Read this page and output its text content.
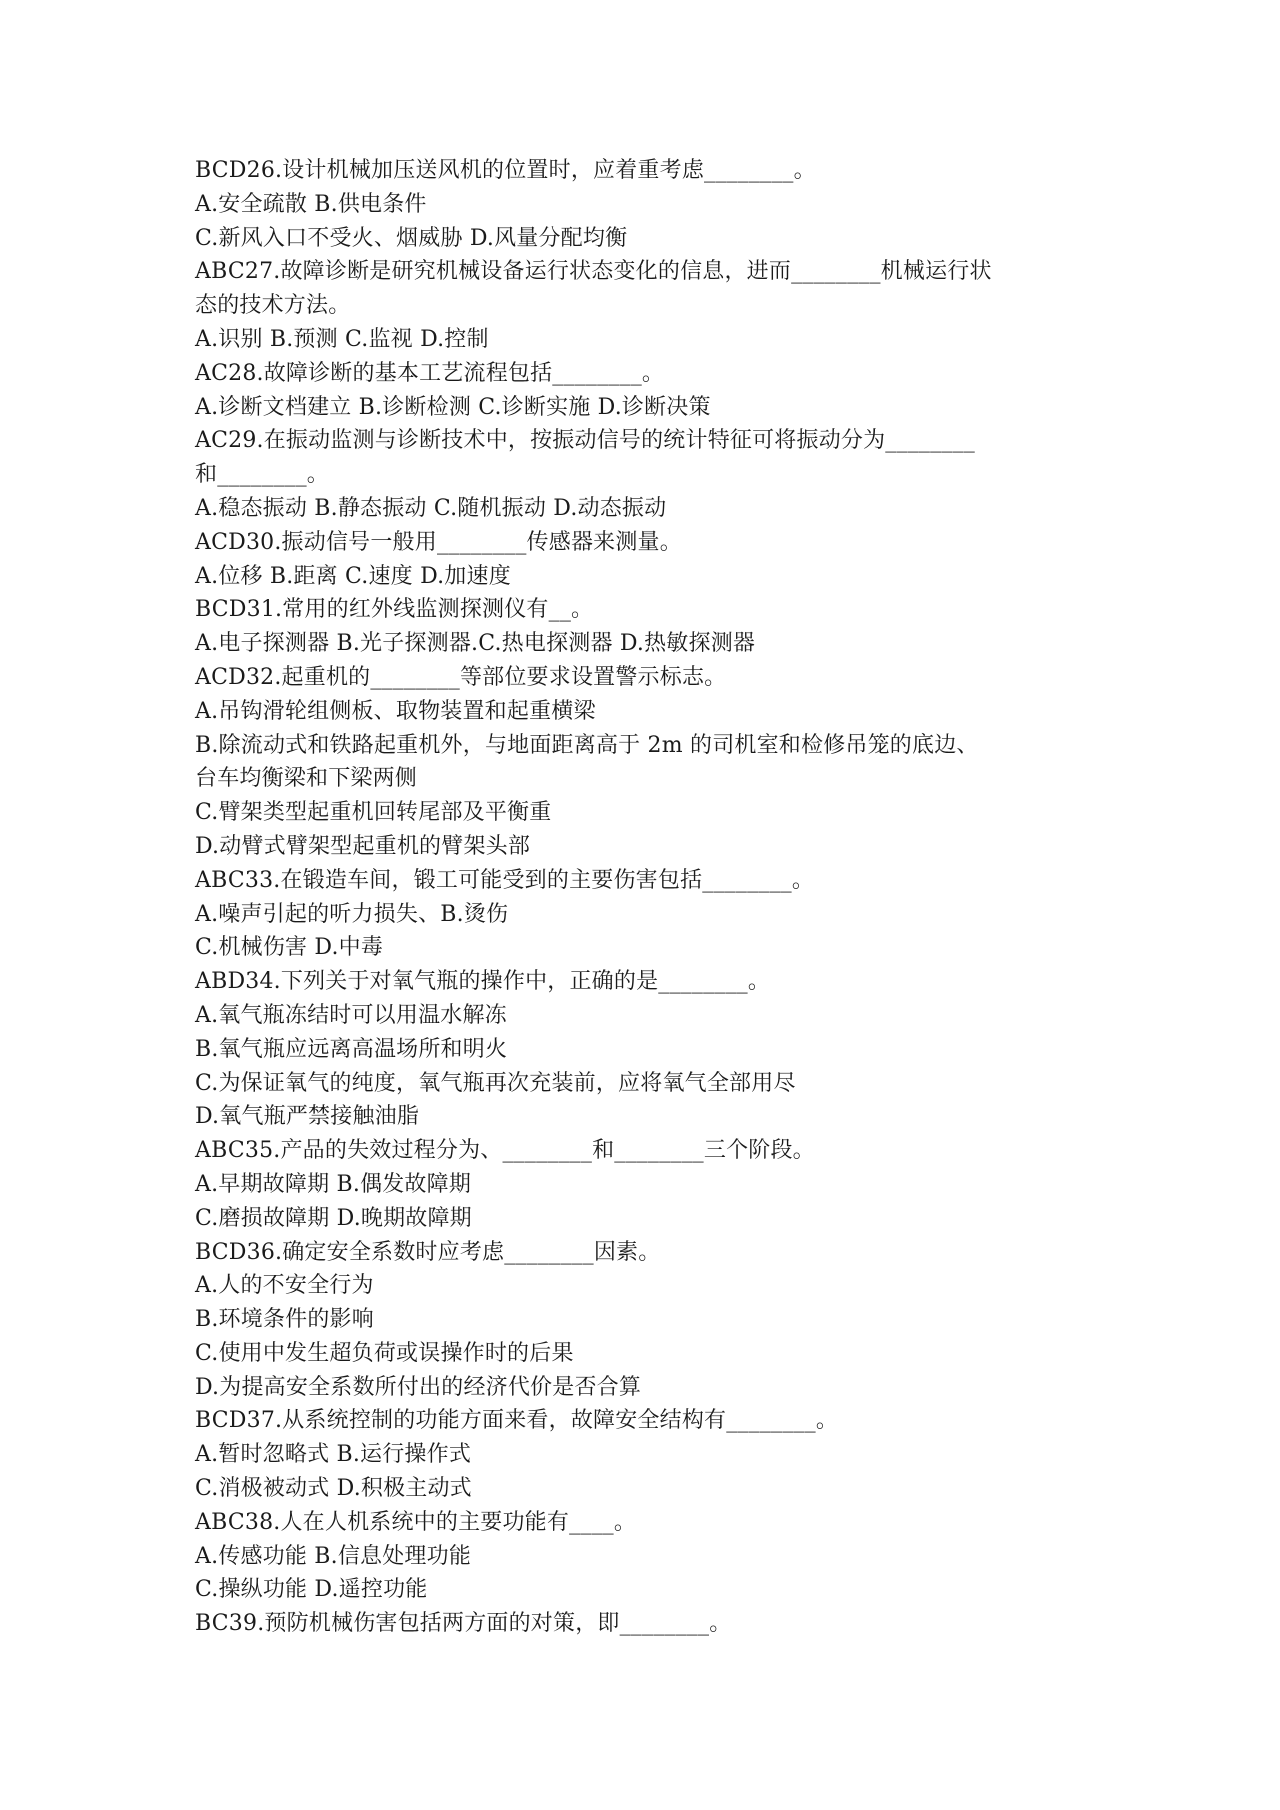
BCD26.设计机械加压送风机的位置时，应着重考虑________。
A.安全疏散 B.供电条件
C.新风入口不受火、烟威胁 D.风量分配均衡
ABC27.故障诊断是研究机械设备运行状态变化的信息，进而________机械运行状
态的技术方法。
A.识别 B.预测 C.监视 D.控制
AC28.故障诊断的基本工艺流程包括________。
A.诊断文档建立 B.诊断检测 C.诊断实施 D.诊断决策
AC29.在振动监测与诊断技术中，按振动信号的统计特征可将振动分为________
和________。
A.稳态振动 B.静态振动 C.随机振动 D.动态振动
ACD30.振动信号一般用________传感器来测量。
A.位移 B.距离 C.速度 D.加速度
BCD31.常用的红外线监测探测仪有__。
A.电子探测器 B.光子探测器.C.热电探测器 D.热敏探测器
ACD32.起重机的________等部位要求设置警示标志。
A.吊钩滑轮组侧板、取物装置和起重横梁
B.除流动式和铁路起重机外，与地面距离高于 2m 的司机室和检修吊笼的底边、
台车均衡梁和下梁两侧
C.臂架类型起重机回转尾部及平衡重
D.动臂式臂架型起重机的臂架头部
ABC33.在锻造车间，锻工可能受到的主要伤害包括________。
A.噪声引起的听力损失、B.烫伤
C.机械伤害 D.中毒
ABD34.下列关于对氧气瓶的操作中，正确的是________。
A.氧气瓶冻结时可以用温水解冻
B.氧气瓶应远离高温场所和明火
C.为保证氧气的纯度，氧气瓶再次充装前，应将氧气全部用尽
D.氧气瓶严禁接触油脂
ABC35.产品的失效过程分为、________和________三个阶段。
A.早期故障期 B.偶发故障期
C.磨损故障期 D.晚期故障期
BCD36.确定安全系数时应考虑________因素。
A.人的不安全行为
B.环境条件的影响
C.使用中发生超负荷或误操作时的后果
D.为提高安全系数所付出的经济代价是否合算
BCD37.从系统控制的功能方面来看，故障安全结构有________。
A.暂时忽略式 B.运行操作式
C.消极被动式 D.积极主动式
ABC38.人在人机系统中的主要功能有____。
A.传感功能 B.信息处理功能
C.操纵功能 D.遥控功能
BC39.预防机械伤害包括两方面的对策，即________。
